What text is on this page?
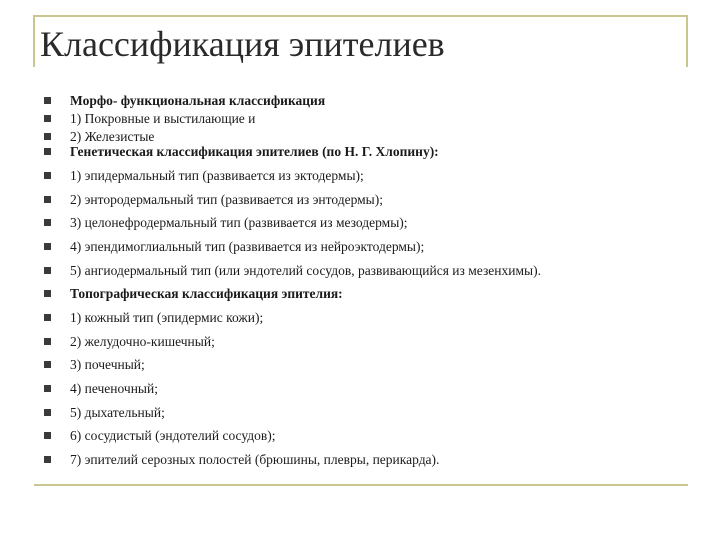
Классификация эпителиев
Морфо- функциональная классификация
1) Покровные и выстилающие и
2) Железистые
Генетическая классификация эпителиев (по Н. Г. Хлопину):
1) эпидермальный тип (развивается из эктодермы);
2) энтородермальный тип (развивается из энтодермы);
3) целонефродермальный тип (развивается из мезодермы);
4) эпендимоглиальный тип (развивается из нейроэктодермы);
5) ангиодермальный тип (или эндотелий сосудов, развивающийся из мезенхимы).
Топографическая классификация эпителия:
1) кожный тип (эпидермис кожи);
2) желудочно-кишечный;
3) почечный;
4) печеночный;
5) дыхательный;
6) сосудистый (эндотелий сосудов);
7) эпителий серозных полостей (брюшины, плевры, перикарда).
